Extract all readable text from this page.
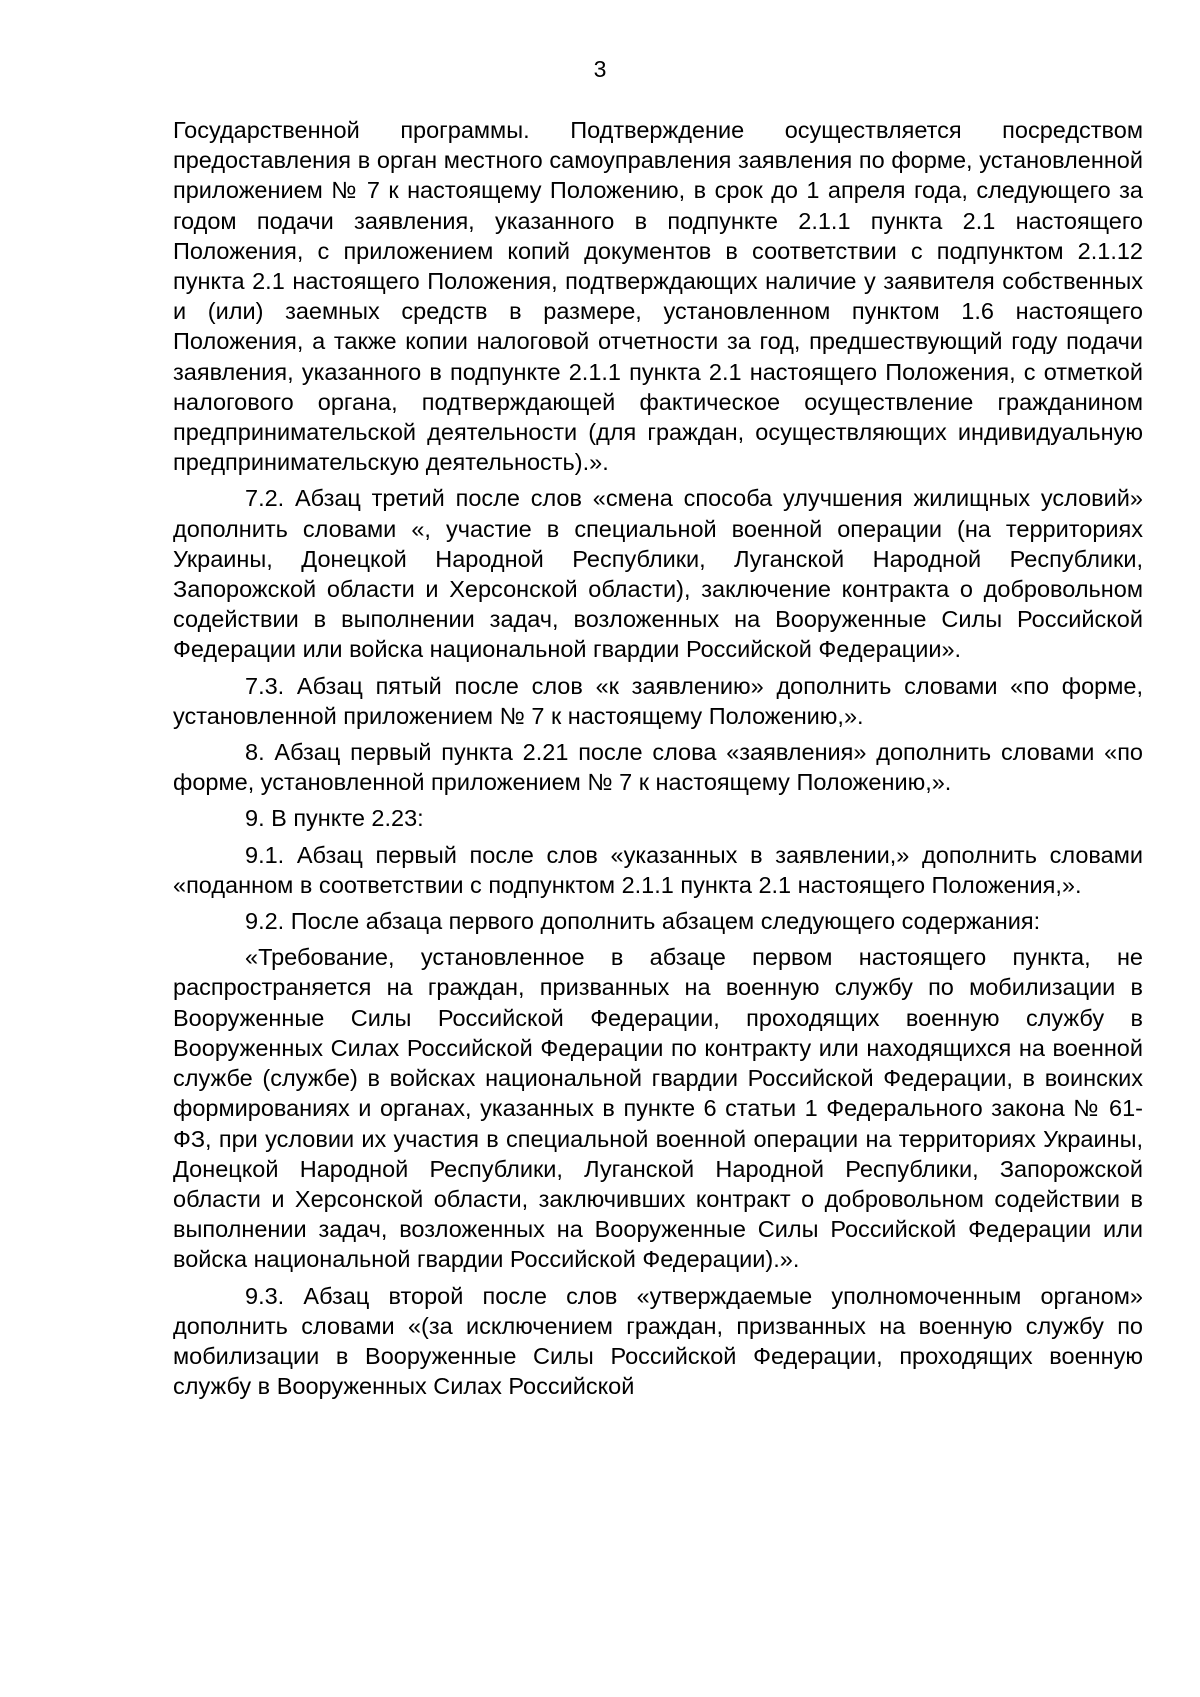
3

Государственной программы. Подтверждение осуществляется посредством предоставления в орган местного самоуправления заявления по форме, установленной приложением № 7 к настоящему Положению, в срок до 1 апреля года, следующего за годом подачи заявления, указанного в подпункте 2.1.1 пункта 2.1 настоящего Положения, с приложением копий документов в соответствии с подпунктом 2.1.12 пункта 2.1 настоящего Положения, подтверждающих наличие у заявителя собственных и (или) заемных средств в размере, установленном пунктом 1.6 настоящего Положения, а также копии налоговой отчетности за год, предшествующий году подачи заявления, указанного в подпункте 2.1.1 пункта 2.1 настоящего Положения, с отметкой налогового органа, подтверждающей фактическое осуществление гражданином предпринимательской деятельности (для граждан, осуществляющих индивидуальную предпринимательскую деятельность).».

7.2. Абзац третий после слов «смена способа улучшения жилищных условий» дополнить словами «, участие в специальной военной операции (на территориях Украины, Донецкой Народной Республики, Луганской Народной Республики, Запорожской области и Херсонской области), заключение контракта о добровольном содействии в выполнении задач, возложенных на Вооруженные Силы Российской Федерации или войска национальной гвардии Российской Федерации».

7.3. Абзац пятый после слов «к заявлению» дополнить словами «по форме, установленной приложением № 7 к настоящему Положению,».

8. Абзац первый пункта 2.21 после слова «заявления» дополнить словами «по форме, установленной приложением № 7 к настоящему Положению,».

9. В пункте 2.23:

9.1. Абзац первый после слов «указанных в заявлении,» дополнить словами «поданном в соответствии с подпунктом 2.1.1 пункта 2.1 настоящего Положения,».

9.2. После абзаца первого дополнить абзацем следующего содержания:

«Требование, установленное в абзаце первом настоящего пункта, не распространяется на граждан, призванных на военную службу по мобилизации в Вооруженные Силы Российской Федерации, проходящих военную службу в Вооруженных Силах Российской Федерации по контракту или находящихся на военной службе (службе) в войсках национальной гвардии Российской Федерации, в воинских формированиях и органах, указанных в пункте 6 статьи 1 Федерального закона № 61-ФЗ, при условии их участия в специальной военной операции на территориях Украины, Донецкой Народной Республики, Луганской Народной Республики, Запорожской области и Херсонской области, заключивших контракт о добровольном содействии в выполнении задач, возложенных на Вооруженные Силы Российской Федерации или войска национальной гвардии Российской Федерации).».

9.3. Абзац второй после слов «утверждаемые уполномоченным органом» дополнить словами «(за исключением граждан, призванных на военную службу по мобилизации в Вооруженные Силы Российской Федерации, проходящих военную службу в Вооруженных Силах Российской
